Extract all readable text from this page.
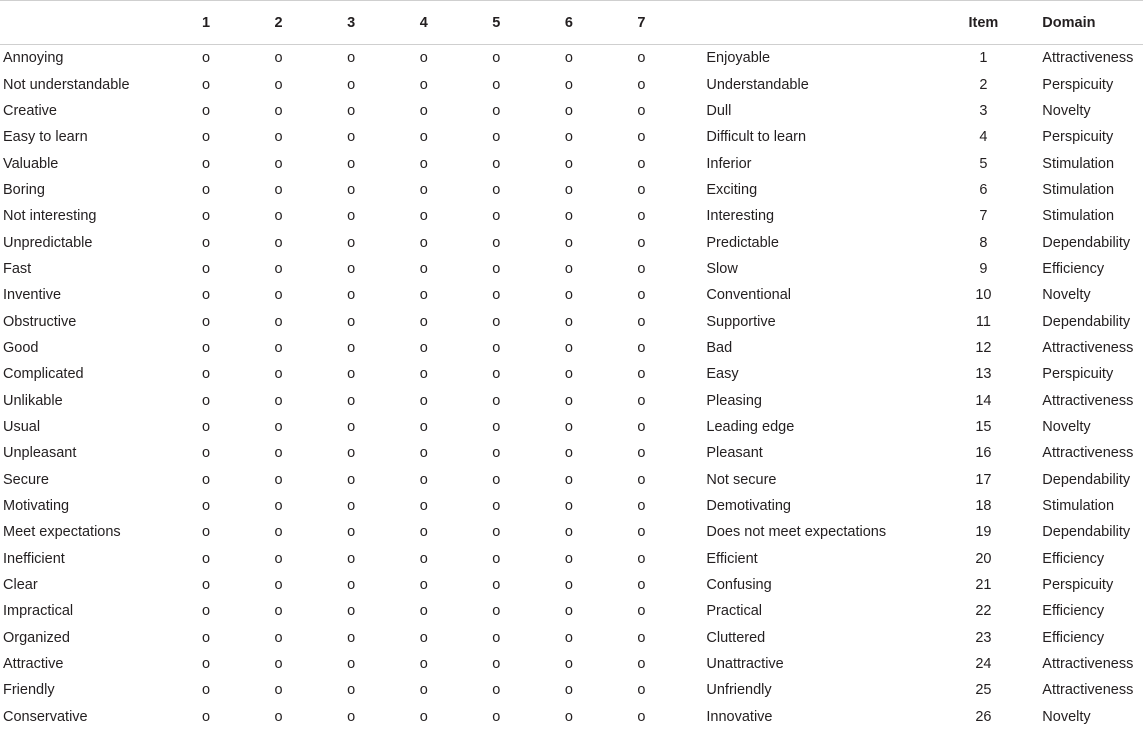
	1	2	3	4	5	6	7			Item	Domain
Annoying	o	o	o	o	o	o	o		Enjoyable	1	Attractiveness
Not understandable	o	o	o	o	o	o	o		Understandable	2	Perspicuity
Creative	o	o	o	o	o	o	o		Dull	3	Novelty
Easy to learn	o	o	o	o	o	o	o		Difficult to learn	4	Perspicuity
Valuable	o	o	o	o	o	o	o		Inferior	5	Stimulation
Boring	o	o	o	o	o	o	o		Exciting	6	Stimulation
Not interesting	o	o	o	o	o	o	o		Interesting	7	Stimulation
Unpredictable	o	o	o	o	o	o	o		Predictable	8	Dependability
Fast	o	o	o	o	o	o	o		Slow	9	Efficiency
Inventive	o	o	o	o	o	o	o		Conventional	10	Novelty
Obstructive	o	o	o	o	o	o	o		Supportive	11	Dependability
Good	o	o	o	o	o	o	o		Bad	12	Attractiveness
Complicated	o	o	o	o	o	o	o		Easy	13	Perspicuity
Unlikable	o	o	o	o	o	o	o		Pleasing	14	Attractiveness
Usual	o	o	o	o	o	o	o		Leading edge	15	Novelty
Unpleasant	o	o	o	o	o	o	o		Pleasant	16	Attractiveness
Secure	o	o	o	o	o	o	o		Not secure	17	Dependability
Motivating	o	o	o	o	o	o	o		Demotivating	18	Stimulation
Meet expectations	o	o	o	o	o	o	o		Does not meet expectations	19	Dependability
Inefficient	o	o	o	o	o	o	o		Efficient	20	Efficiency
Clear	o	o	o	o	o	o	o		Confusing	21	Perspicuity
Impractical	o	o	o	o	o	o	o		Practical	22	Efficiency
Organized	o	o	o	o	o	o	o		Cluttered	23	Efficiency
Attractive	o	o	o	o	o	o	o		Unattractive	24	Attractiveness
Friendly	o	o	o	o	o	o	o		Unfriendly	25	Attractiveness
Conservative	o	o	o	o	o	o	o		Innovative	26	Novelty
